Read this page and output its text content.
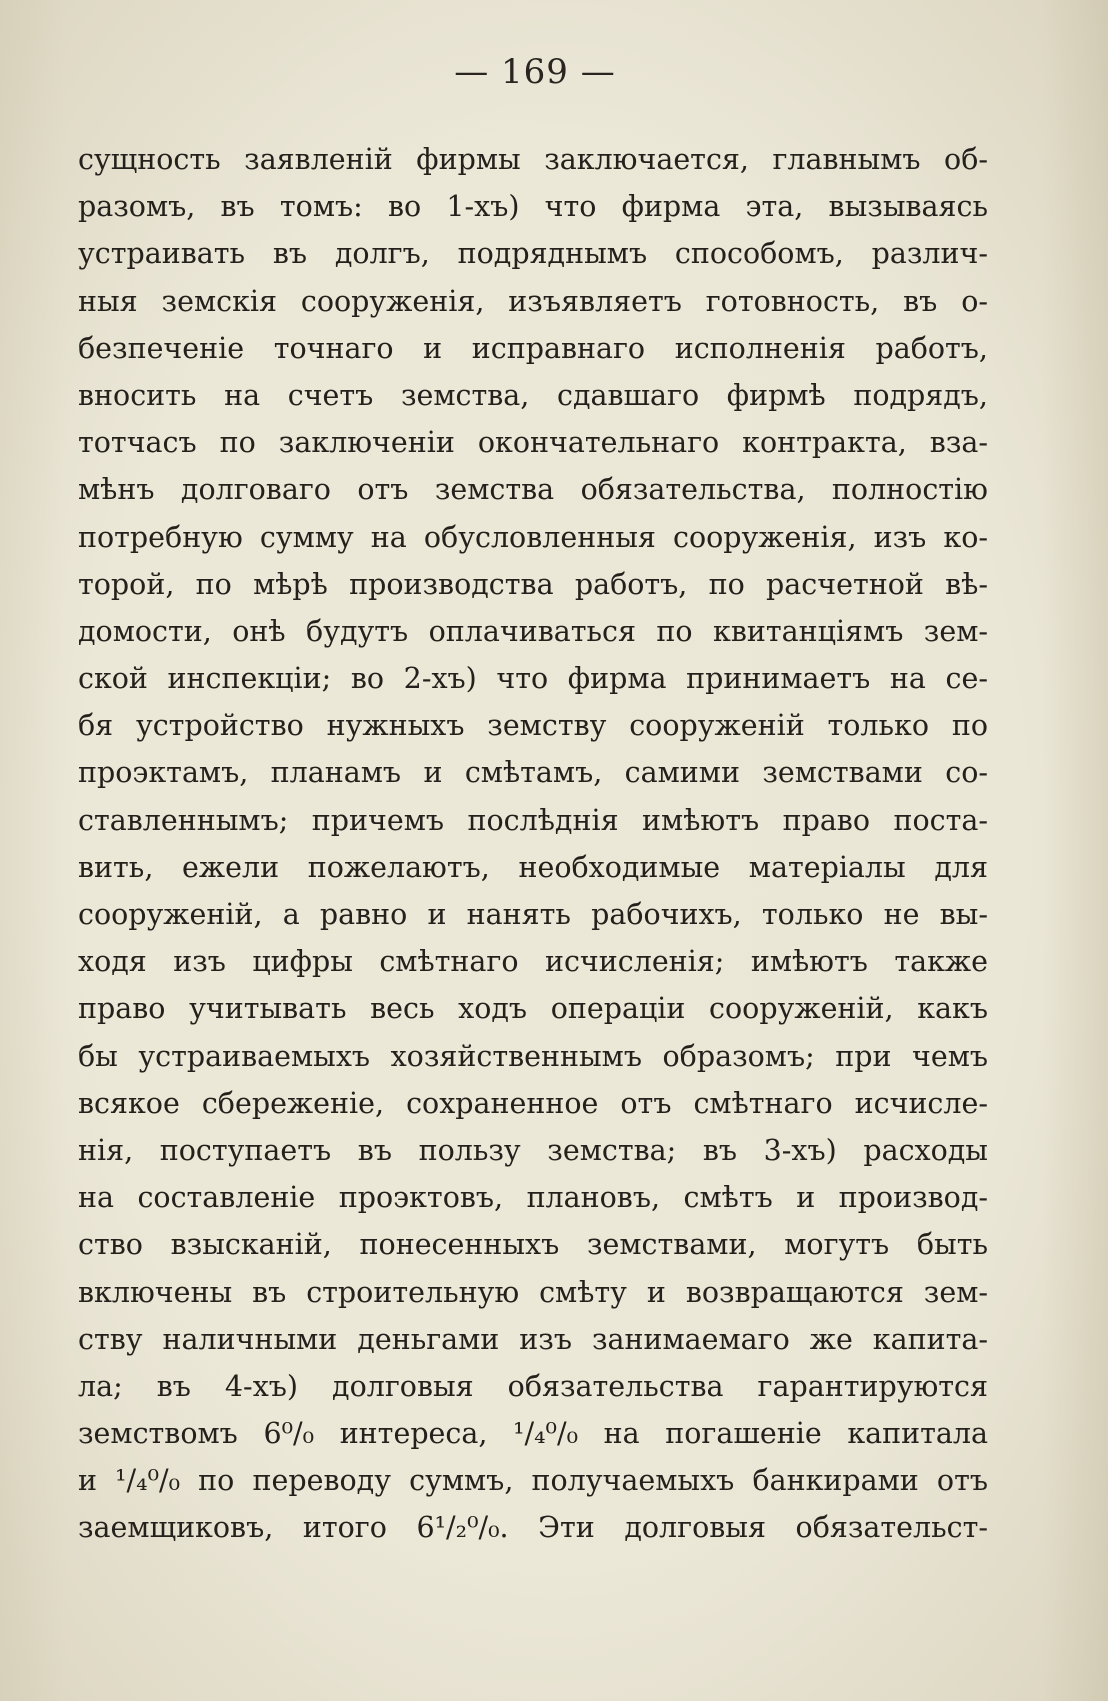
— 169 —
сущность заявленiй фирмы заключается, главнымъ об-
разомъ, въ томъ: во 1-хъ) что фирма эта, вызываясь
устраивать въ долгъ, подряднымъ способомъ, различ-
ныя земскiя сооруженiя, изъявляетъ готовность, въ о-
безпеченiе точнаго и исправнаго исполненiя работъ,
вносить на счетъ земства, сдавшаго фирмѣ подрядъ,
тотчасъ по заключенiи окончательнаго контракта, вза-
мѣнъ долговаго отъ земства обязательства, полностiю
потребную сумму на обусловленныя сооруженiя, изъ ко-
торой, по мѣрѣ производства работъ, по расчетной вѣ-
домости, онѣ будутъ оплачиваться по квитанцiямъ зем-
ской инспекцiи; во 2-хъ) что фирма принимаетъ на се-
бя устройство нужныхъ земству сооруженiй только по
проэктамъ, планамъ и смѣтамъ, самими земствами со-
ставленнымъ; причемъ послѣднiя имѣютъ право поста-
вить, ежели пожелаютъ, необходимые матерiалы для
сооруженiй, а равно и нанять рабочихъ, только не вы-
ходя изъ цифры смѣтнаго исчисленiя; имѣютъ также
право учитывать весь ходъ операцiи сооруженiй, какъ
бы устраиваемыхъ хозяйственнымъ образомъ; при чемъ
всякое сбереженiе, сохраненное отъ смѣтнаго исчисле-
нiя, поступаетъ въ пользу земства; въ 3-хъ) расходы
на составленiе проэктовъ, плановъ, смѣтъ и производ-
ство взысканiй, понесенныхъ земствами, могутъ быть
включены въ строительную смѣту и возвращаются зем-
ству наличными деньгами изъ занимаемаго же капита-
ла; въ 4-хъ) долговыя обязательства гарантируются
земствомъ 6⁰/₀ интереса, ¹/₄⁰/₀ на погашенiе капитала
и ¹/₄⁰/₀ по переводу суммъ, получаемыхъ банкирами отъ
заемщиковъ, итого 6¹/₂⁰/₀. Эти долговыя обязательст-
